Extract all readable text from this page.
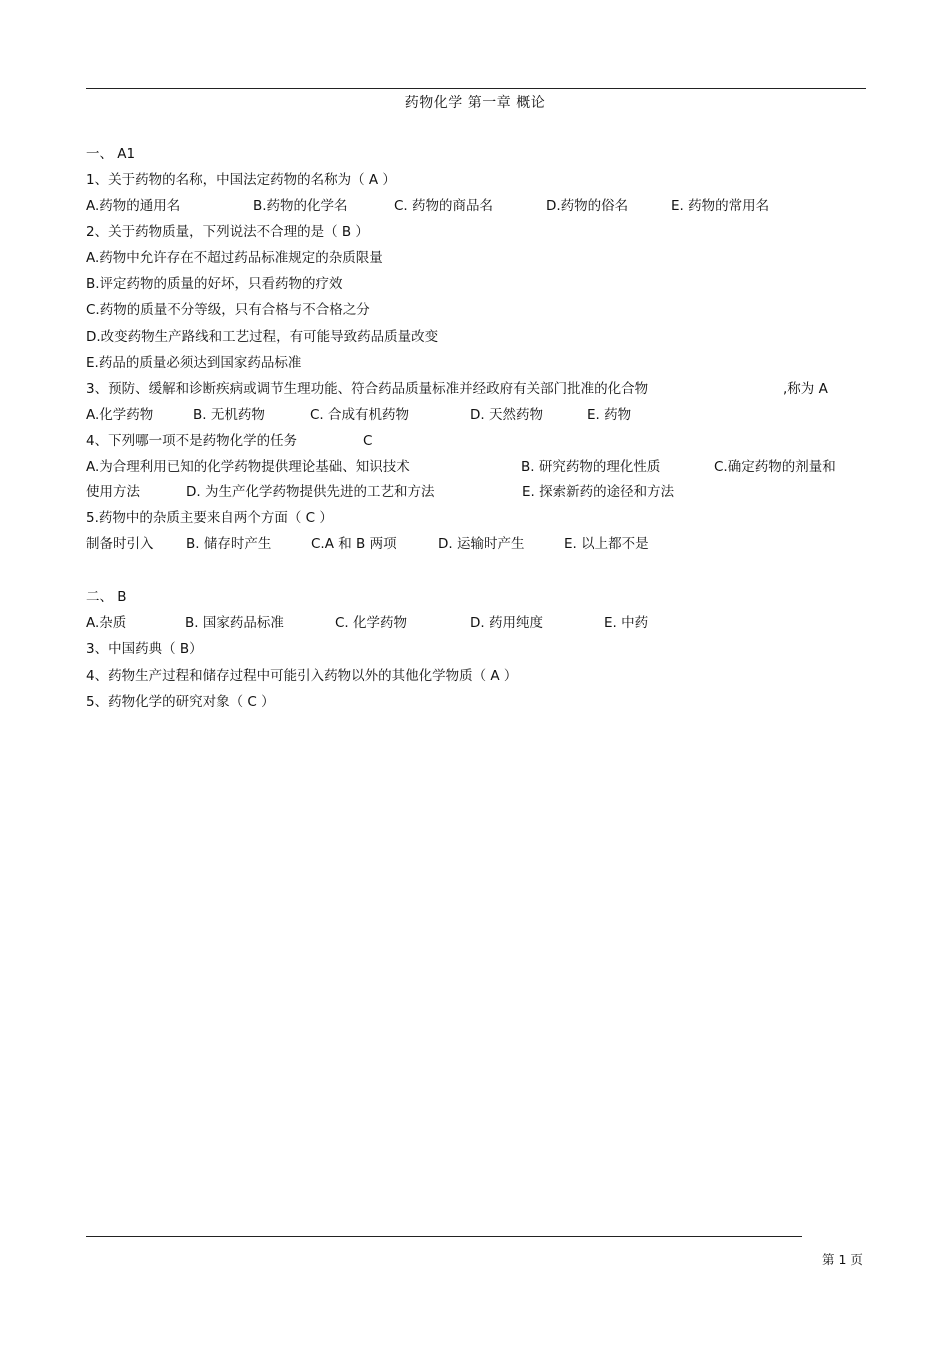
药物化学 第一章 概论
一、 A1
1、关于药物的名称，中国法定药物的名称为（ A ）
A.药物的通用名	B.药物的化学名	C. 药物的商品名	D.药物的俗名	E. 药物的常用名
2、关于药物质量，下列说法不合理的是（ B ）
A.药物中允许存在不超过药品标准规定的杂质限量
B.评定药物的质量的好坏，只看药物的疗效
C.药物的质量不分等级，只有合格与不合格之分
D.改变药物生产路线和工艺过程，有可能导致药品质量改变
E.药品的质量必须达到国家药品标准
3、预防、缓解和诊断疾病或调节生理功能、符合药品质量标准并经政府有关部门批准的化合物	,称为 A
A.化学药物	B. 无机药物	C. 合成有机药物	D. 天然药物	E. 药物
4、下列哪一项不是药物化学的任务	C
A.为合理利用已知的化学药物提供理论基础、知识技术	B. 研究药物的理化性质	C.确定药物的剂量和
使用方法	D. 为生产化学药物提供先进的工艺和方法	E. 探索新药的途径和方法
5.药物中的杂质主要来自两个方面（ C ）
制备时引入 B. 储存时产生	C.A 和 B 两项	D. 运输时产生	E. 以上都不是
二、 B
A.杂质	B. 国家药品标准	C. 化学药物	D. 药用纯度	E. 中药
3、中国药典（ B）
4、药物生产过程和储存过程中可能引入药物以外的其他化学物质（ A ）
5、药物化学的研究对象（ C ）
第 1 页
